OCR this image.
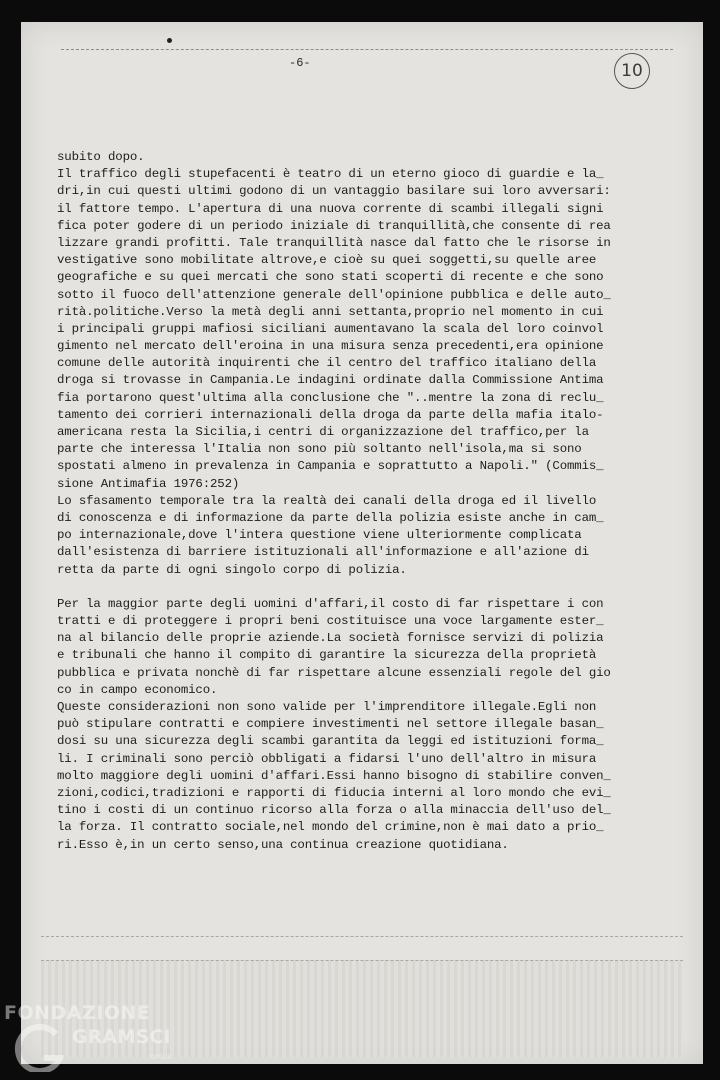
-6-	10
subito dopo.
Il traffico degli stupefacenti è teatro di un eterno gioco di guardie e la_
dri,in cui questi ultimi godono di un vantaggio basilare sui loro avversari:
il fattore tempo. L'apertura di una nuova corrente di scambi illegali signi
fica poter godere di un periodo iniziale di tranquillità,che consente di rea
lizzare grandi profitti. Tale tranquillità nasce dal fatto che le risorse in
vestigative sono mobilitate altrove,e cioè su quei soggetti,su quelle aree
geografiche e su quei mercati che sono stati scoperti di recente e che sono
sotto il fuoco dell'attenzione generale dell'opinione pubblica e delle auto_
rità.politiche.Verso la metà degli anni settanta,proprio nel momento in cui
i principali gruppi mafiosi siciliani aumentavano la scala del loro coinvol
gimento nel mercato dell'eroina in una misura senza precedenti,era opinione
comune delle autorità inquirenti che il centro del traffico italiano della
droga si trovasse in Campania.Le indagini ordinate dalla Commissione Antima
fia portarono quest'ultima alla conclusione che "..mentre la zona di reclu_
tamento dei corrieri internazionali della droga da parte della mafia italo-
americana resta la Sicilia,i centri di organizzazione del traffico,per la
parte che interessa l'Italia non sono più soltanto nell'isola,ma si sono
spostati almeno in prevalenza in Campania e soprattutto a Napoli." (Commis_
sione Antimafia 1976:252)
Lo sfasamento temporale tra la realtà dei canali della droga ed il livello
di conoscenza e di informazione da parte della polizia esiste anche in cam_
po internazionale,dove l'intera questione viene ulteriormente complicata
dall'esistenza di barriere istituzionali all'informazione e all'azione di
retta da parte di ogni singolo corpo di polizia.
Per la maggior parte degli uomini d'affari,il costo di far rispettare i con
tratti e di proteggere i propri beni costituisce una voce largamente ester_
na al bilancio delle proprie aziende.La società fornisce servizi di polizia
e tribunali che hanno il compito di garantire la sicurezza della proprietà
pubblica e privata nonchè di far rispettare alcune essenziali regole del gio
co in campo economico.
Queste considerazioni non sono valide per l'imprenditore illegale.Egli non
può stipulare contratti e compiere investimenti nel settore illegale basan_
dosi su una sicurezza degli scambi garantita da leggi ed istituzioni forma_
li. I criminali sono perciò obbligati a fidarsi l'uno dell'altro in misura
molto maggiore degli uomini d'affari.Essi hanno bisogno di stabilire conven_
zioni,codici,tradizioni e rapporti di fiducia interni al loro mondo che evi_
tino i costi di un continuo ricorso alla forza o alla minaccia dell'uso del_
la forza. Il contratto sociale,nel mondo del crimine,non è mai dato a prio_
ri.Esso è,in un certo senso,una continua creazione quotidiana.
FONDAZIONE
GRAMSCI
onlus
